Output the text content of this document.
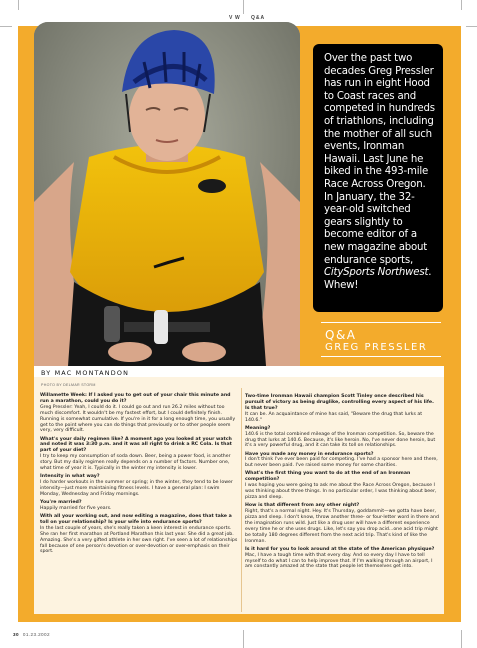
V W Q&A

Over the past two decades Greg Pressler has run in eight Hood to Coast races and competed in hundreds of triathlons, including the mother of all such events, Ironman Hawaii. Last June he biked in the 493-mile Race Across Oregon. In January, the 32-year-old switched gears slightly to become editor of a new magazine about endurance sports, CitySports Northwest. Whew!

Q&A
GREG PRESSLER
BY MAC MONTANDON
PHOTO BY DELMAR STORM

Willamette Week: If I asked you to get out of your chair this minute and run a marathon, could you do it?

Greg Pressler: Yeah, I could do it. I could go out and run 26.2 miles without too much discomfort. It wouldn't be my fastest effort, but I could definitely finish. Running is somewhat cumulative. If you're in it for a long enough time, you usually get to the point where you can do things that previously or to other people seem very, very difficult.

What's your daily regimen like? A moment ago you looked at your watch and noted it was 3:30 p.m. and it was all right to drink a RC Cola. Is that part of your diet?

I try to keep my consumption of soda down. Beer, being a power food, is another story. But my daily regimen really depends on a number of factors. Number one, what time of year it is. Typically in the winter my intensity is lower.

Intensity in what way?

I do harder workouts in the summer or spring; in the winter, they tend to be lower intensity—just more maintaining fitness levels. I have a general plan: I swim Monday, Wednesday and Friday mornings.

You're married?

Happily married for five years.

With all your working out, and now editing a magazine, does that take a toll on your relationship? Is your wife into endurance sports?

In the last couple of years, she's really taken a keen interest in endurance sports. She ran her first marathon at Portland Marathon this last year. She did a great job. Amazing. She's a very gifted athlete in her own right. I've seen a lot of relationships fall because of one person's devotion or over-devotion or over-emphasis on their sport.

Two-time Ironman Hawaii champion Scott Tinley once described his pursuit of victory as being druglike, controlling every aspect of his life. Is that true?

It can be. An acquaintance of mine has said, "Beware the drug that lurks at 140.6."

Meaning?

140.6 is the total combined mileage of the Ironman competition. So, beware the drug that lurks at 140.6. Because, it's like heroin. No, I've never done heroin, but it's a very powerful drug, and it can take its toll on relationships.

Have you made any money in endurance sports?

I don't think I've ever been paid for competing. I've had a sponsor here and there, but never been paid. I've raised some money for some charities.

What's the first thing you want to do at the end of an Ironman competition?

I was hoping you were going to ask me about the Race Across Oregon, because I was thinking about three things. In no particular order, I was thinking about beer, pizza and sleep.

How is that different from any other night?

Right, that's a normal night. Hey. It's Thursday, goddammit—we gotta have beer, pizza and sleep. I don't know, throw another three- or four-letter word in there and the imagination runs wild. Just like a drug user will have a different experience every time he or she uses drugs. Like, let's say you drop acid...one acid trip might be totally 180 degrees different from the next acid trip. That's kind of like the Ironman.

Is it hard for you to look around at the state of the American physique?

Mac, I have a tough time with that every day. And so every day I have to tell myself to do what I can to help improve that. If I'm walking through an airport, I am constantly amazed at the state that people let themselves get into.

30 01.23.2002
